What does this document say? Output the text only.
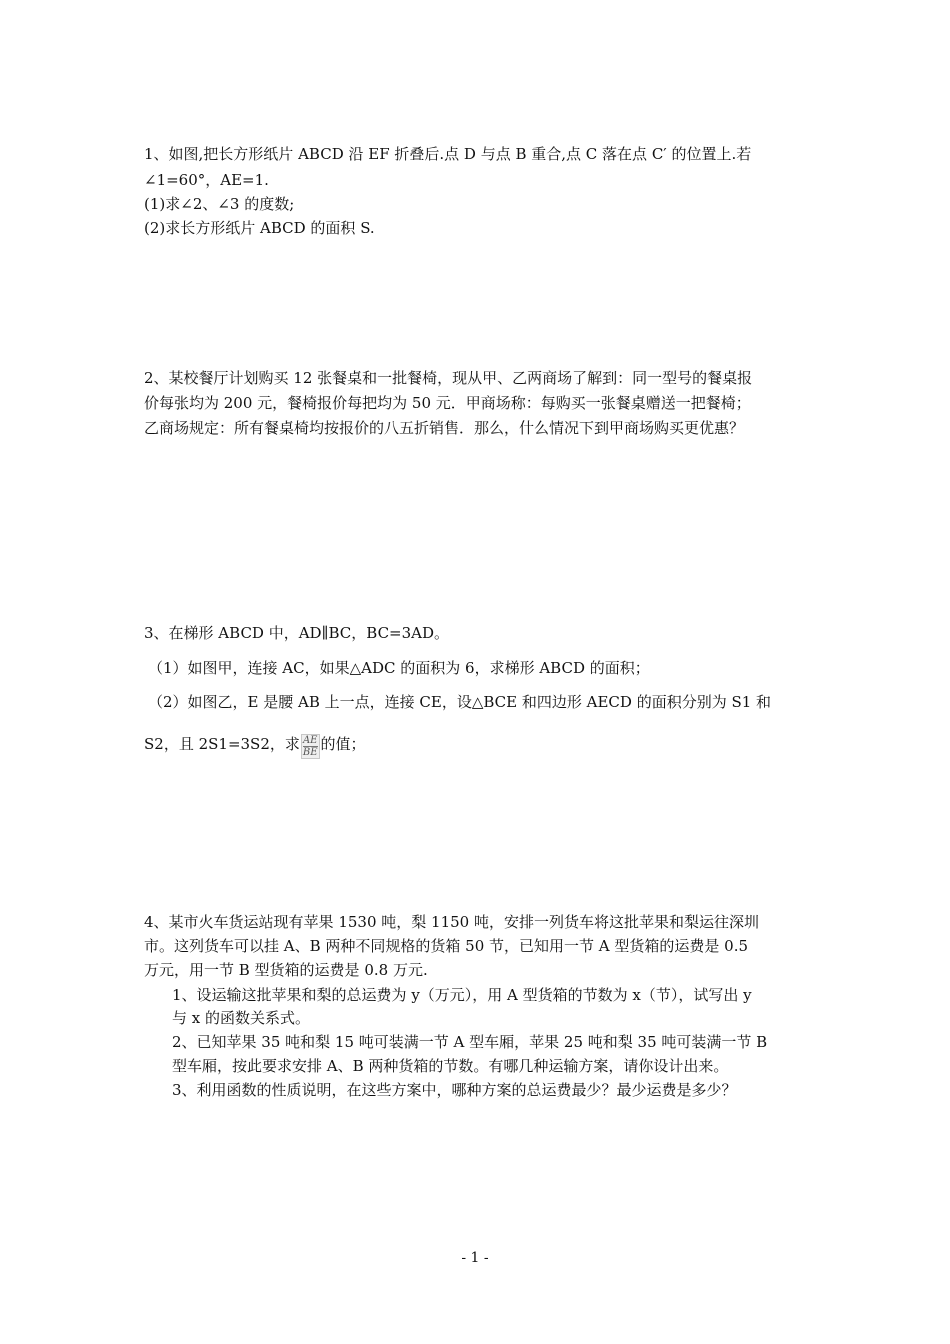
1、如图,把长方形纸片 ABCD 沿 EF 折叠后.点 D 与点 B 重合,点 C 落在点 C′ 的位置上.若
∠1=60°，AE=1.
(1)求∠2、∠3 的度数;
(2)求长方形纸片 ABCD 的面积 S.
2、某校餐厅计划购买 12 张餐桌和一批餐椅，现从甲、乙两商场了解到：同一型号的餐桌报
价每张均为 200 元，餐椅报价每把均为 50 元．甲商场称：每购买一张餐桌赠送一把餐椅；
乙商场规定：所有餐桌椅均按报价的八五折销售．那么，什么情况下到甲商场购买更优惠？
3、在梯形 ABCD 中，AD∥BC，BC=3AD。
（1）如图甲，连接 AC，如果△ADC 的面积为 6，求梯形 ABCD 的面积；
（2）如图乙，E 是腰 AB 上一点，连接 CE，设△BCE 和四边形 AECD 的面积分别为 S1 和
S2，且 2S1=3S2，求 $\frac{AE}{BE}$ 的值；
4、某市火车货运站现有苹果 1530 吨，梨 1150 吨，安排一列货车将这批苹果和梨运往深圳
市。这列货车可以挂 A、B 两种不同规格的货箱 50 节，已知用一节 A 型货箱的运费是 0.5
万元，用一节 B 型货箱的运费是 0.8 万元.
1、设运输这批苹果和梨的总运费为 y（万元），用 A 型货箱的节数为 x（节），试写出 y
与 x 的函数关系式。
2、已知苹果 35 吨和梨 15 吨可装满一节 A 型车厢，苹果 25 吨和梨 35 吨可装满一节 B
型车厢，按此要求安排 A、B 两种货箱的节数。有哪几种运输方案，请你设计出来。
3、利用函数的性质说明，在这些方案中，哪种方案的总运费最少？最少运费是多少？
- 1 -
